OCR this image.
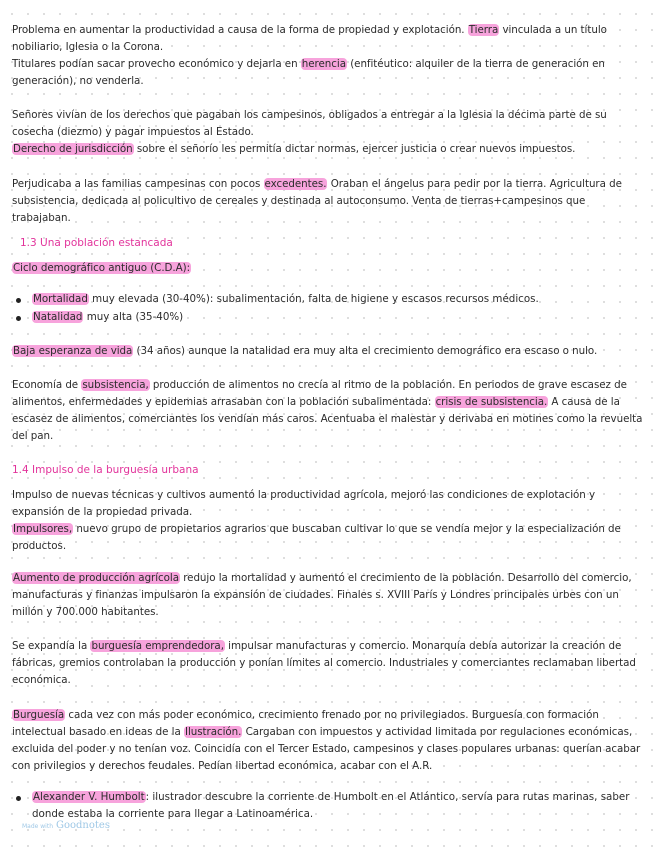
Problema en aumentar la productividad a causa de la forma de propiedad y explotación. Tierra vinculada a un título nobiliario, Iglesia o la Corona.

Titulares podían sacar provecho económico y dejarla en herencia (enfitéutico: alquiler de la tierra de generación en generación), no venderla.

Señores vivían de los derechos que pagaban los campesinos, obligados a entregar a la Iglesia la décima parte de su cosecha (diezmo) y pagar impuestos al Estado.

Derecho de jurisdicción sobre el señorío les permitía dictar normas, ejercer justicia o crear nuevos impuestos.

Perjudicaba a las familias campesinas con pocos excedentes. Oraban el ángelus para pedir por la tierra. Agricultura de subsistencia, dedicada al policultivo de cereales y destinada al autoconsumo. Venta de tierras+campesinos que trabajaban.

1.3 Una población estancada

Ciclo demográfico antiguo (C.D.A):

Mortalidad muy elevada (30-40%): subalimentación, falta de higiene y escasos recursos médicos.
Natalidad muy alta (35-40%)

Baja esperanza de vida (34 años) aunque la natalidad era muy alta el crecimiento demográfico era escaso o nulo.

Economía de subsistencia, producción de alimentos no crecía al ritmo de la población. En periodos de grave escasez de alimentos, enfermedades y epidemias arrasaban con la población subalimentada: crisis de subsistencia. A causa de la escasez de alimentos, comerciantes los vendían más caros. Acentuaba el malestar y derivaba en motines como la revuelta del pan.

1.4 Impulso de la burguesía urbana

Impulso de nuevas técnicas y cultivos aumentó la productividad agrícola, mejoró las condiciones de explotación y expansión de la propiedad privada.

Impulsores, nuevo grupo de propietarios agrarios que buscaban cultivar lo que se vendía mejor y la especialización de productos.

Aumento de producción agrícola redujo la mortalidad y aumentó el crecimiento de la población. Desarrollo del comercio, manufacturas y finanzas impulsaron la expansión de ciudades. Finales s. XVIII París y Londres principales urbes con un millón y 700.000 habitantes.

Se expandía la burguesía emprendedora, impulsar manufacturas y comercio. Monarquía debía autorizar la creación de fábricas, gremios controlaban la producción y ponían límites al comercio. Industriales y comerciantes reclamaban libertad económica.

Burguesía cada vez con más poder económico, crecimiento frenado por no privilegiados. Burguesía con formación intelectual basado en ideas de la Ilustración. Cargaban con impuestos y actividad limitada por regulaciones económicas, excluida del poder y no tenían voz. Coincidía con el Tercer Estado, campesinos y clases populares urbanas: querían acabar con privilegios y derechos feudales. Pedían libertad económica, acabar con el A.R.

Alexander V. Humbolt: ilustrador descubre la corriente de Humbolt en el Atlántico, servía para rutas marinas, saber donde estaba la corriente para llegar a Latinoamérica.
Made with Goodnotes
